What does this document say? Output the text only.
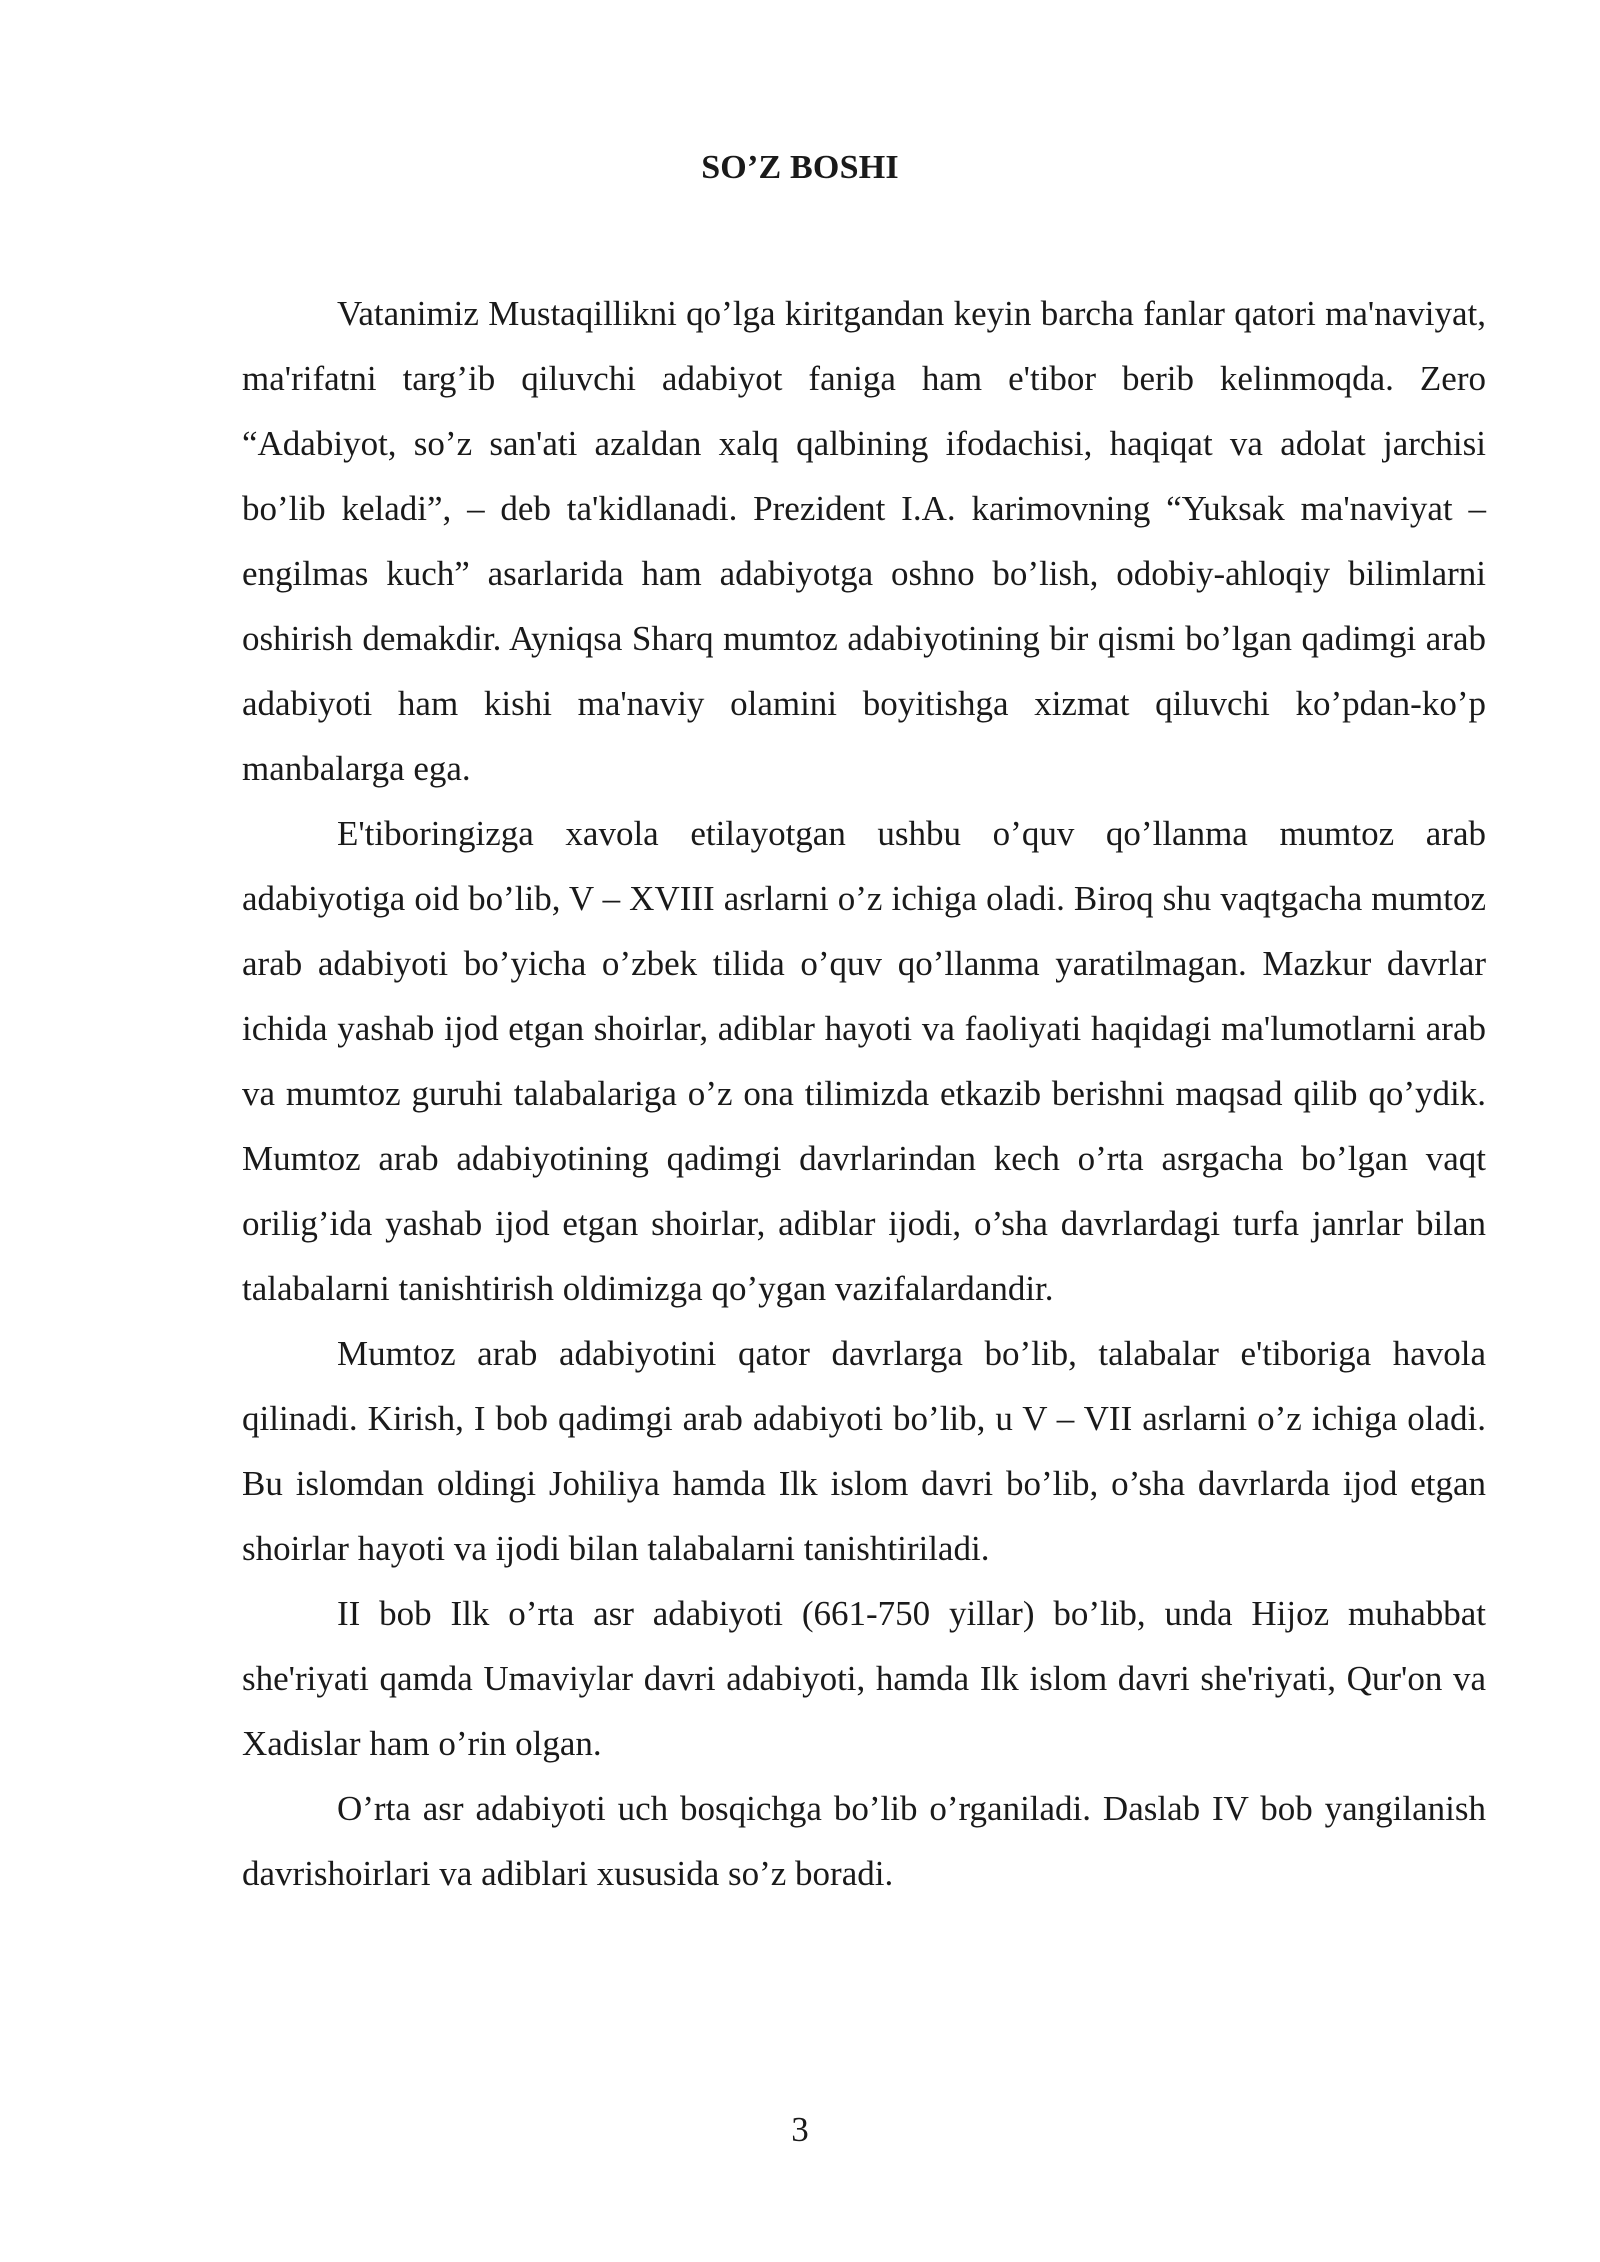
SO’Z BOSHI

Vatanimiz Mustaqillikni qo’lga kiritgandan keyin barcha fanlar qatori ma'naviyat, ma'rifatni targ’ib qiluvchi adabiyot faniga ham e'tibor berib kelinmoqda. Zero “Adabiyot, so’z san'ati azaldan xalq qalbining ifodachisi, haqiqat va adolat jarchisi bo’lib keladi”, – deb ta'kidlanadi. Prezident I.A. karimovning “Yuksak ma'naviyat – engilmas kuch” asarlarida ham adabiyotga oshno bo’lish, odobiy-ahloqiy bilimlarni oshirish demakdir. Ayniqsa Sharq mumtoz adabiyotining bir qismi bo’lgan qadimgi arab adabiyoti ham kishi ma'naviy olamini boyitishga xizmat qiluvchi ko’pdan-ko’p manbalarga ega.

E'tiboringizga xavola etilayotgan ushbu o’quv qo’llanma mumtoz arab adabiyotiga oid bo’lib, V – XVIII asrlarni o’z ichiga oladi. Biroq shu vaqtgacha mumtoz arab adabiyoti bo’yicha o’zbek tilida o’quv qo’llanma yaratilmagan. Mazkur davrlar ichida yashab ijod etgan shoirlar, adiblar hayoti va faoliyati haqidagi ma'lumotlarni arab va mumtoz guruhi talabalariga o’z ona tilimizda etkazib berishni maqsad qilib qo’ydik. Mumtoz arab adabiyotining qadimgi davrlarindan kech o’rta asrgacha bo’lgan vaqt orilig’ida yashab ijod etgan shoirlar, adiblar ijodi, o’sha davrlardagi turfa janrlar bilan talabalarni tanishtirish oldimizga qo’ygan vazifalardandir.

Mumtoz arab adabiyotini qator davrlarga bo’lib, talabalar e'tiboriga havola qilinadi. Kirish, I bob qadimgi arab adabiyoti bo’lib, u V – VII asrlarni o’z ichiga oladi. Bu islomdan oldingi Johiliya hamda Ilk islom davri bo’lib, o’sha davrlarda ijod etgan shoirlar hayoti va ijodi bilan talabalarni tanishtiriladi.

II bob Ilk o’rta asr adabiyoti (661-750 yillar) bo’lib, unda Hijoz muhabbat she'riyati qamda Umaviylar davri adabiyoti, hamda Ilk islom davri she'riyati, Qur'on va Xadislar ham o’rin olgan.

O’rta asr adabiyoti uch bosqichga bo’lib o’rganiladi. Daslab IV bob yangilanish davrishoirlari va adiblari xususida so’z boradi.

3
